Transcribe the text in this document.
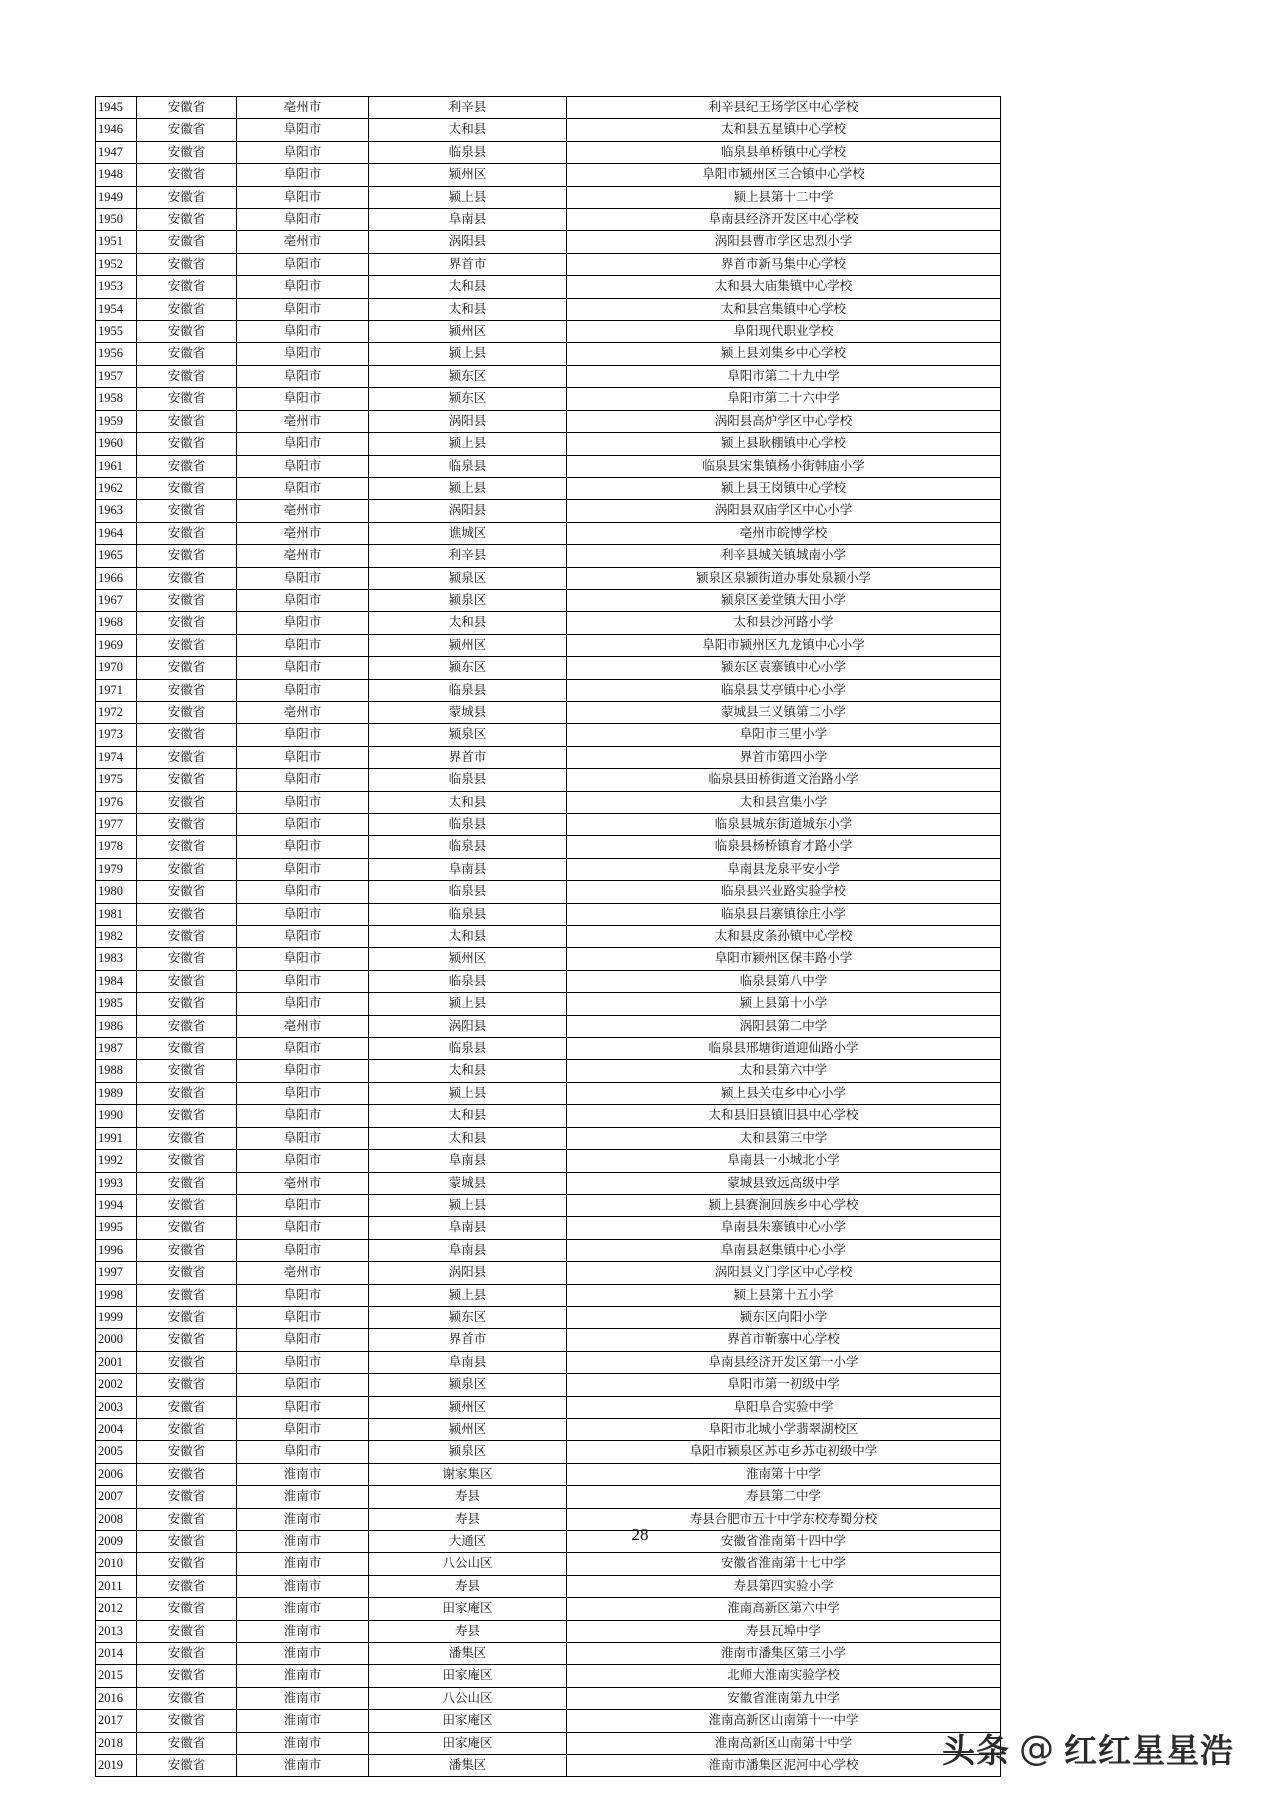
1945	安徽省	亳州市	利辛县	利辛县纪王场学区中心学校
1946	安徽省	阜阳市	太和县	太和县五星镇中心学校
1947	安徽省	阜阳市	临泉县	临泉县单桥镇中心学校
1948	安徽省	阜阳市	颍州区	阜阳市颍州区三合镇中心学校
1949	安徽省	阜阳市	颍上县	颍上县第十二中学
1950	安徽省	阜阳市	阜南县	阜南县经济开发区中心学校
1951	安徽省	亳州市	涡阳县	涡阳县曹市学区忠烈小学
1952	安徽省	阜阳市	界首市	界首市新马集中心学校
1953	安徽省	阜阳市	太和县	太和县大庙集镇中心学校
1954	安徽省	阜阳市	太和县	太和县宫集镇中心学校
1955	安徽省	阜阳市	颍州区	阜阳现代职业学校
1956	安徽省	阜阳市	颍上县	颍上县刘集乡中心学校
1957	安徽省	阜阳市	颍东区	阜阳市第二十九中学
1958	安徽省	阜阳市	颍东区	阜阳市第二十六中学
1959	安徽省	亳州市	涡阳县	涡阳县高炉学区中心学校
1960	安徽省	阜阳市	颍上县	颍上县耿棚镇中心学校
1961	安徽省	阜阳市	临泉县	临泉县宋集镇杨小街韩庙小学
1962	安徽省	阜阳市	颍上县	颍上县王岗镇中心学校
1963	安徽省	亳州市	涡阳县	涡阳县双庙学区中心小学
1964	安徽省	亳州市	谯城区	亳州市皖博学校
1965	安徽省	亳州市	利辛县	利辛县城关镇城南小学
1966	安徽省	阜阳市	颍泉区	颍泉区泉颍街道办事处泉颍小学
1967	安徽省	阜阳市	颍泉区	颍泉区姜堂镇大田小学
1968	安徽省	阜阳市	太和县	太和县沙河路小学
1969	安徽省	阜阳市	颍州区	阜阳市颍州区九龙镇中心小学
1970	安徽省	阜阳市	颍东区	颍东区袁寨镇中心小学
1971	安徽省	阜阳市	临泉县	临泉县艾亭镇中心小学
1972	安徽省	亳州市	蒙城县	蒙城县三义镇第二小学
1973	安徽省	阜阳市	颍泉区	阜阳市三里小学
1974	安徽省	阜阳市	界首市	界首市第四小学
1975	安徽省	阜阳市	临泉县	临泉县田桥街道文治路小学
1976	安徽省	阜阳市	太和县	太和县宫集小学
1977	安徽省	阜阳市	临泉县	临泉县城东街道城东小学
1978	安徽省	阜阳市	临泉县	临泉县杨桥镇育才路小学
1979	安徽省	阜阳市	阜南县	阜南县龙泉平安小学
1980	安徽省	阜阳市	临泉县	临泉县兴业路实验学校
1981	安徽省	阜阳市	临泉县	临泉县吕寨镇徐庄小学
1982	安徽省	阜阳市	太和县	太和县皮条孙镇中心学校
1983	安徽省	阜阳市	颍州区	阜阳市颍州区保丰路小学
1984	安徽省	阜阳市	临泉县	临泉县第八中学
1985	安徽省	阜阳市	颍上县	颍上县第十小学
1986	安徽省	亳州市	涡阳县	涡阳县第二中学
1987	安徽省	阜阳市	临泉县	临泉县邢塘街道迎仙路小学
1988	安徽省	阜阳市	太和县	太和县第六中学
1989	安徽省	阜阳市	颍上县	颍上县关屯乡中心小学
1990	安徽省	阜阳市	太和县	太和县旧县镇旧县中心学校
1991	安徽省	阜阳市	太和县	太和县第三中学
1992	安徽省	阜阳市	阜南县	阜南县一小城北小学
1993	安徽省	亳州市	蒙城县	蒙城县致远高级中学
1994	安徽省	阜阳市	颍上县	颍上县赛涧回族乡中心学校
1995	安徽省	阜阳市	阜南县	阜南县朱寨镇中心小学
1996	安徽省	阜阳市	阜南县	阜南县赵集镇中心小学
1997	安徽省	亳州市	涡阳县	涡阳县义门学区中心学校
1998	安徽省	阜阳市	颍上县	颍上县第十五小学
1999	安徽省	阜阳市	颍东区	颍东区向阳小学
2000	安徽省	阜阳市	界首市	界首市靳寨中心学校
2001	安徽省	阜阳市	阜南县	阜南县经济开发区第一小学
2002	安徽省	阜阳市	颍泉区	阜阳市第一初级中学
2003	安徽省	阜阳市	颍州区	阜阳阜合实验中学
2004	安徽省	阜阳市	颍州区	阜阳市北城小学翡翠湖校区
2005	安徽省	阜阳市	颍泉区	阜阳市颍泉区苏屯乡苏屯初级中学
2006	安徽省	淮南市	谢家集区	淮南第十中学
2007	安徽省	淮南市	寿县	寿县第二中学
2008	安徽省	淮南市	寿县	寿县合肥市五十中学东校寿蜀分校
2009	安徽省	淮南市	大通区	安徽省淮南第十四中学
2010	安徽省	淮南市	八公山区	安徽省淮南第十七中学
2011	安徽省	淮南市	寿县	寿县第四实验小学
2012	安徽省	淮南市	田家庵区	淮南高新区第六中学
2013	安徽省	淮南市	寿县	寿县瓦埠中学
2014	安徽省	淮南市	潘集区	淮南市潘集区第三小学
2015	安徽省	淮南市	田家庵区	北师大淮南实验学校
2016	安徽省	淮南市	八公山区	安徽省淮南第九中学
2017	安徽省	淮南市	田家庵区	淮南高新区山南第十一中学
2018	安徽省	淮南市	田家庵区	淮南高新区山南第十中学
2019	安徽省	淮南市	潘集区	淮南市潘集区泥河中心学校
28
头条 @ 红红星星浩
